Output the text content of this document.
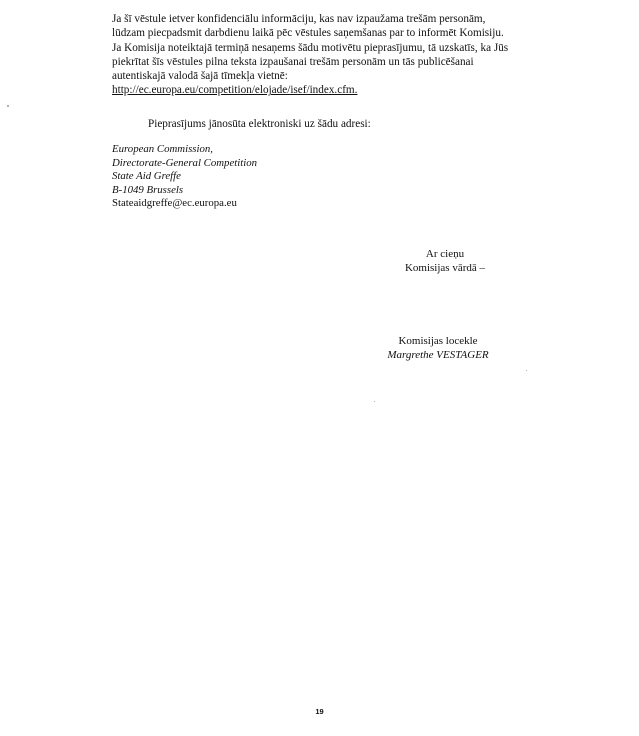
Ja šī vēstule ietver konfidenciālu informāciju, kas nav izpaužama trešām personām,

lūdzam piecpadsmit darbdienu laikā pēc vēstules saņemšanas par to informēt Komisiju.

Ja Komisija noteiktajā termiņā nesaņems šādu motivētu pieprasījumu, tā uzskatīs, ka Jūs

piekrītat šīs vēstules pilna teksta izpaušanai trešām personām un tās publicēšanai

autentiskajā valodā šajā tīmekļa vietnē:

http://ec.europa.eu/competition/elojade/isef/index.cfm.

Pieprasījums jānosūta elektroniski uz šādu adresi:

European Commission,
Directorate-General Competition
State Aid Greffe
B-1049 Brussels
Stateaidgreffe@ec.europa.eu
Ar cieņu
Komisijas vārdā –
Komisijas locekle
Margrethe VESTAGER
19
